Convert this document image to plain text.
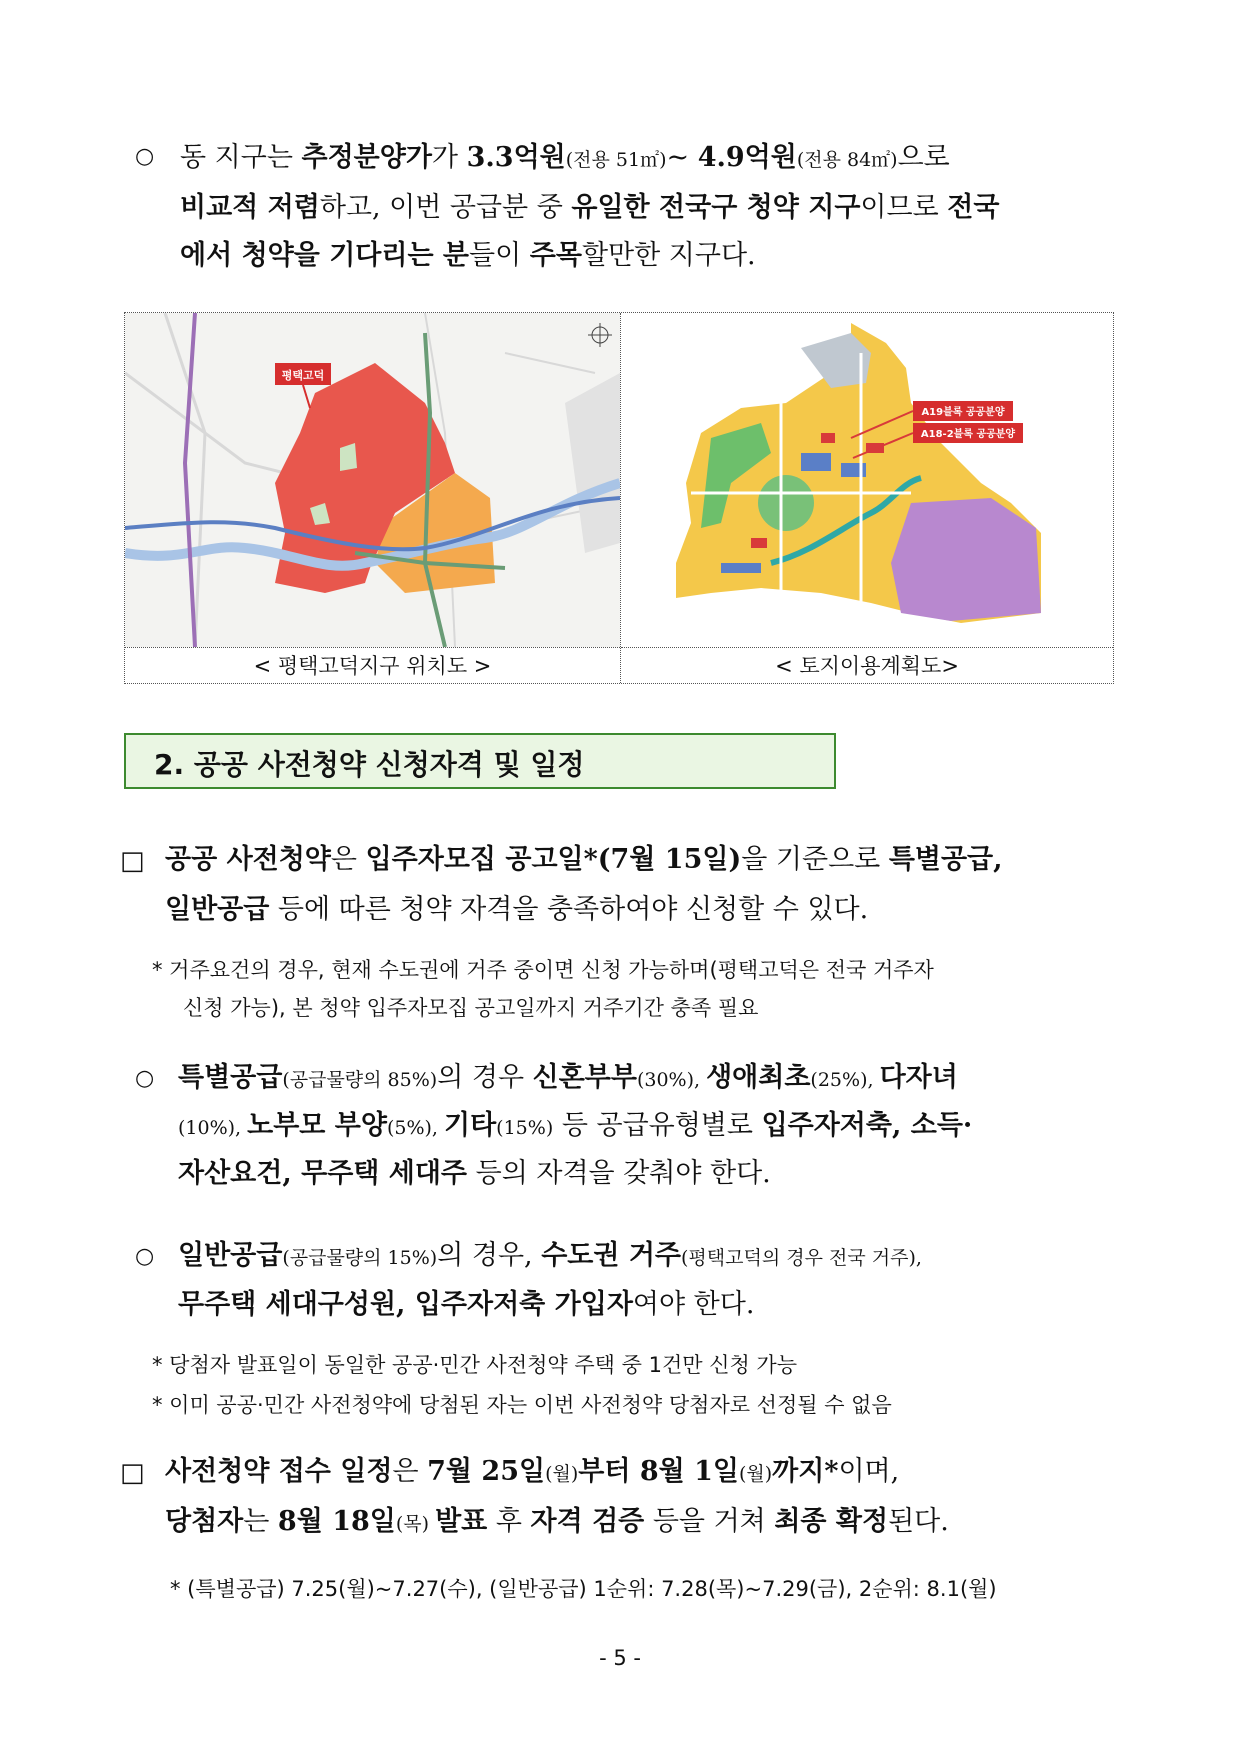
○ 동 지구는 추정분양가가 3.3억원(전용 51㎡)~ 4.9억원(전용 84㎡)으로
비교적 저렴하고, 이번 공급분 중 유일한 전국구 청약 지구이므로 전국
에서 청약을 기다리는 분들이 주목할만한 지구다.
평택고덕
A19블록 공공분양
A18-2블록 공공분양
< 평택고덕지구 위치도 >	< 토지이용계획도>
2. 공공 사전청약 신청자격 및 일정
□ 공공 사전청약은 입주자모집 공고일*(7월 15일)을 기준으로 특별공급,
일반공급 등에 따른 청약 자격을 충족하여야 신청할 수 있다.
* 거주요건의 경우, 현재 수도권에 거주 중이면 신청 가능하며(평택고덕은 전국 거주자
신청 가능), 본 청약 입주자모집 공고일까지 거주기간 충족 필요
○ 특별공급(공급물량의 85%)의 경우 신혼부부(30%), 생애최초(25%), 다자녀
(10%), 노부모 부양(5%), 기타(15%) 등 공급유형별로 입주자저축, 소득·
자산요건, 무주택 세대주 등의 자격을 갖춰야 한다.
○ 일반공급(공급물량의 15%)의 경우, 수도권 거주(평택고덕의 경우 전국 거주),
무주택 세대구성원, 입주자저축 가입자여야 한다.
* 당첨자 발표일이 동일한 공공·민간 사전청약 주택 중 1건만 신청 가능
* 이미 공공·민간 사전청약에 당첨된 자는 이번 사전청약 당첨자로 선정될 수 없음
□ 사전청약 접수 일정은 7월 25일(월)부터 8월 1일(월)까지*이며,
당첨자는 8월 18일(목) 발표 후 자격 검증 등을 거쳐 최종 확정된다.
* (특별공급) 7.25(월)~7.27(수), (일반공급) 1순위: 7.28(목)~7.29(금), 2순위: 8.1(월)
- 5 -
